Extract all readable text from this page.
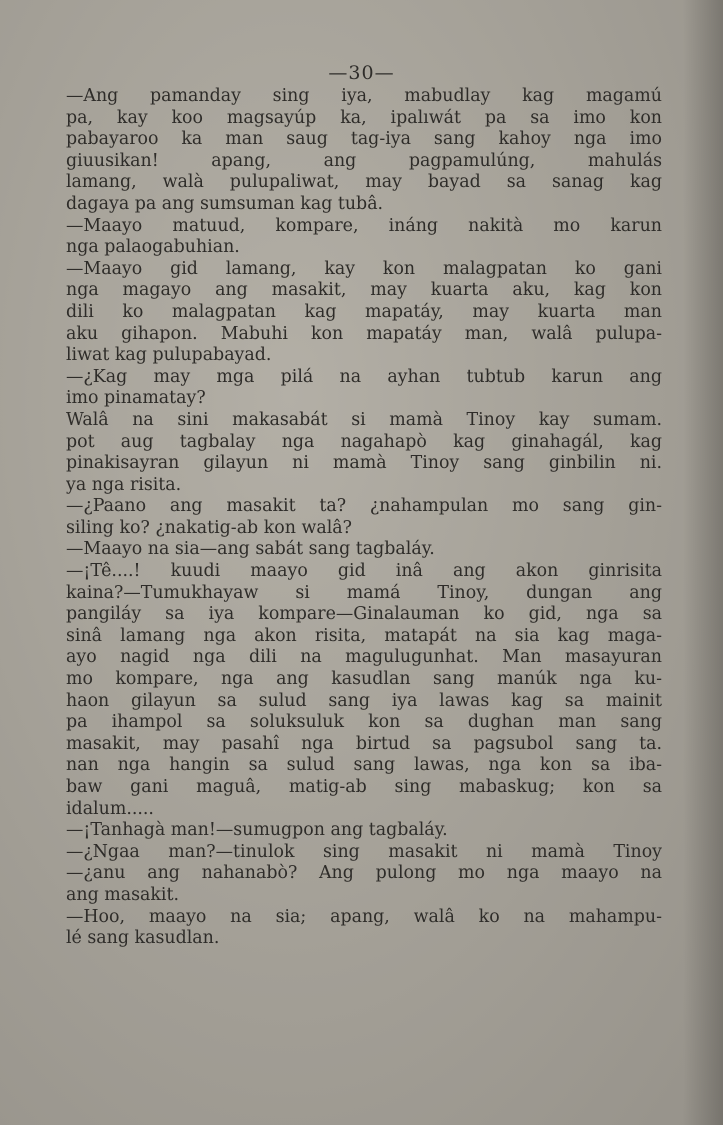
—30—
—Ang pamanday sing iya, mabudlay kag magamú
pa, kay koo magsayúp ka, ipalıwát pa sa imo kon
pabayaroo ka man saug tag-iya sang kahoy nga imo
giuusikan! apang, ang pagpamulúng, mahulás
lamang, walà pulupaliwat, may bayad sa sanag kag
dagaya pa ang sumsuman kag tubâ.
—Maayo matuud, kompare, ináng nakità mo karun
nga palaogabuhian.
—Maayo gid lamang, kay kon malagpatan ko gani
nga magayo ang masakit, may kuarta aku, kag kon
dili ko malagpatan kag mapatáy, may kuarta man
aku gihapon. Mabuhi kon mapatáy man, walâ pulupa-
liwat kag pulupabayad.
—¿Kag may mga pilá na ayhan tubtub karun ang
imo pinamatay?
Walâ na sini makasabát si mamà Tinoy kay sumam.
pot aug tagbalay nga nagahapò kag ginahagál, kag
pinakisayran gilayun ni mamà Tinoy sang ginbilin ni.
ya nga risita.
—¿Paano ang masakit ta? ¿nahampulan mo sang gin-
siling ko? ¿nakatig-ab kon walâ?
—Maayo na sia—ang sabát sang tagbaláy.
—¡Tê....! kuudi maayo gid inâ ang akon ginrisita
kaina?—Tumukhayaw si mamá Tinoy, dungan ang
pangiláy sa iya kompare—Ginalauman ko gid, nga sa
sinâ lamang nga akon risita, matapát na sia kag maga-
ayo nagid nga dili na magulugunhat. Man masayuran
mo kompare, nga ang kasudlan sang manúk nga ku-
haon gilayun sa sulud sang iya lawas kag sa mainit
pa ihampol sa soluksuluk kon sa dughan man sang
masakit, may pasahî nga birtud sa pagsubol sang ta.
nan nga hangin sa sulud sang lawas, nga kon sa iba-
baw gani maguâ, matig-ab sing mabaskug; kon sa
idalum.....
—¡Tanhagà man!—sumugpon ang tagbaláy.
—¿Ngaa man?—tinulok sing masakit ni mamà Tinoy
—¿anu ang nahanabò? Ang pulong mo nga maayo na
ang masakit.
—Hoo, maayo na sia; apang, walâ ko na mahampu-
lé sang kasudlan.
